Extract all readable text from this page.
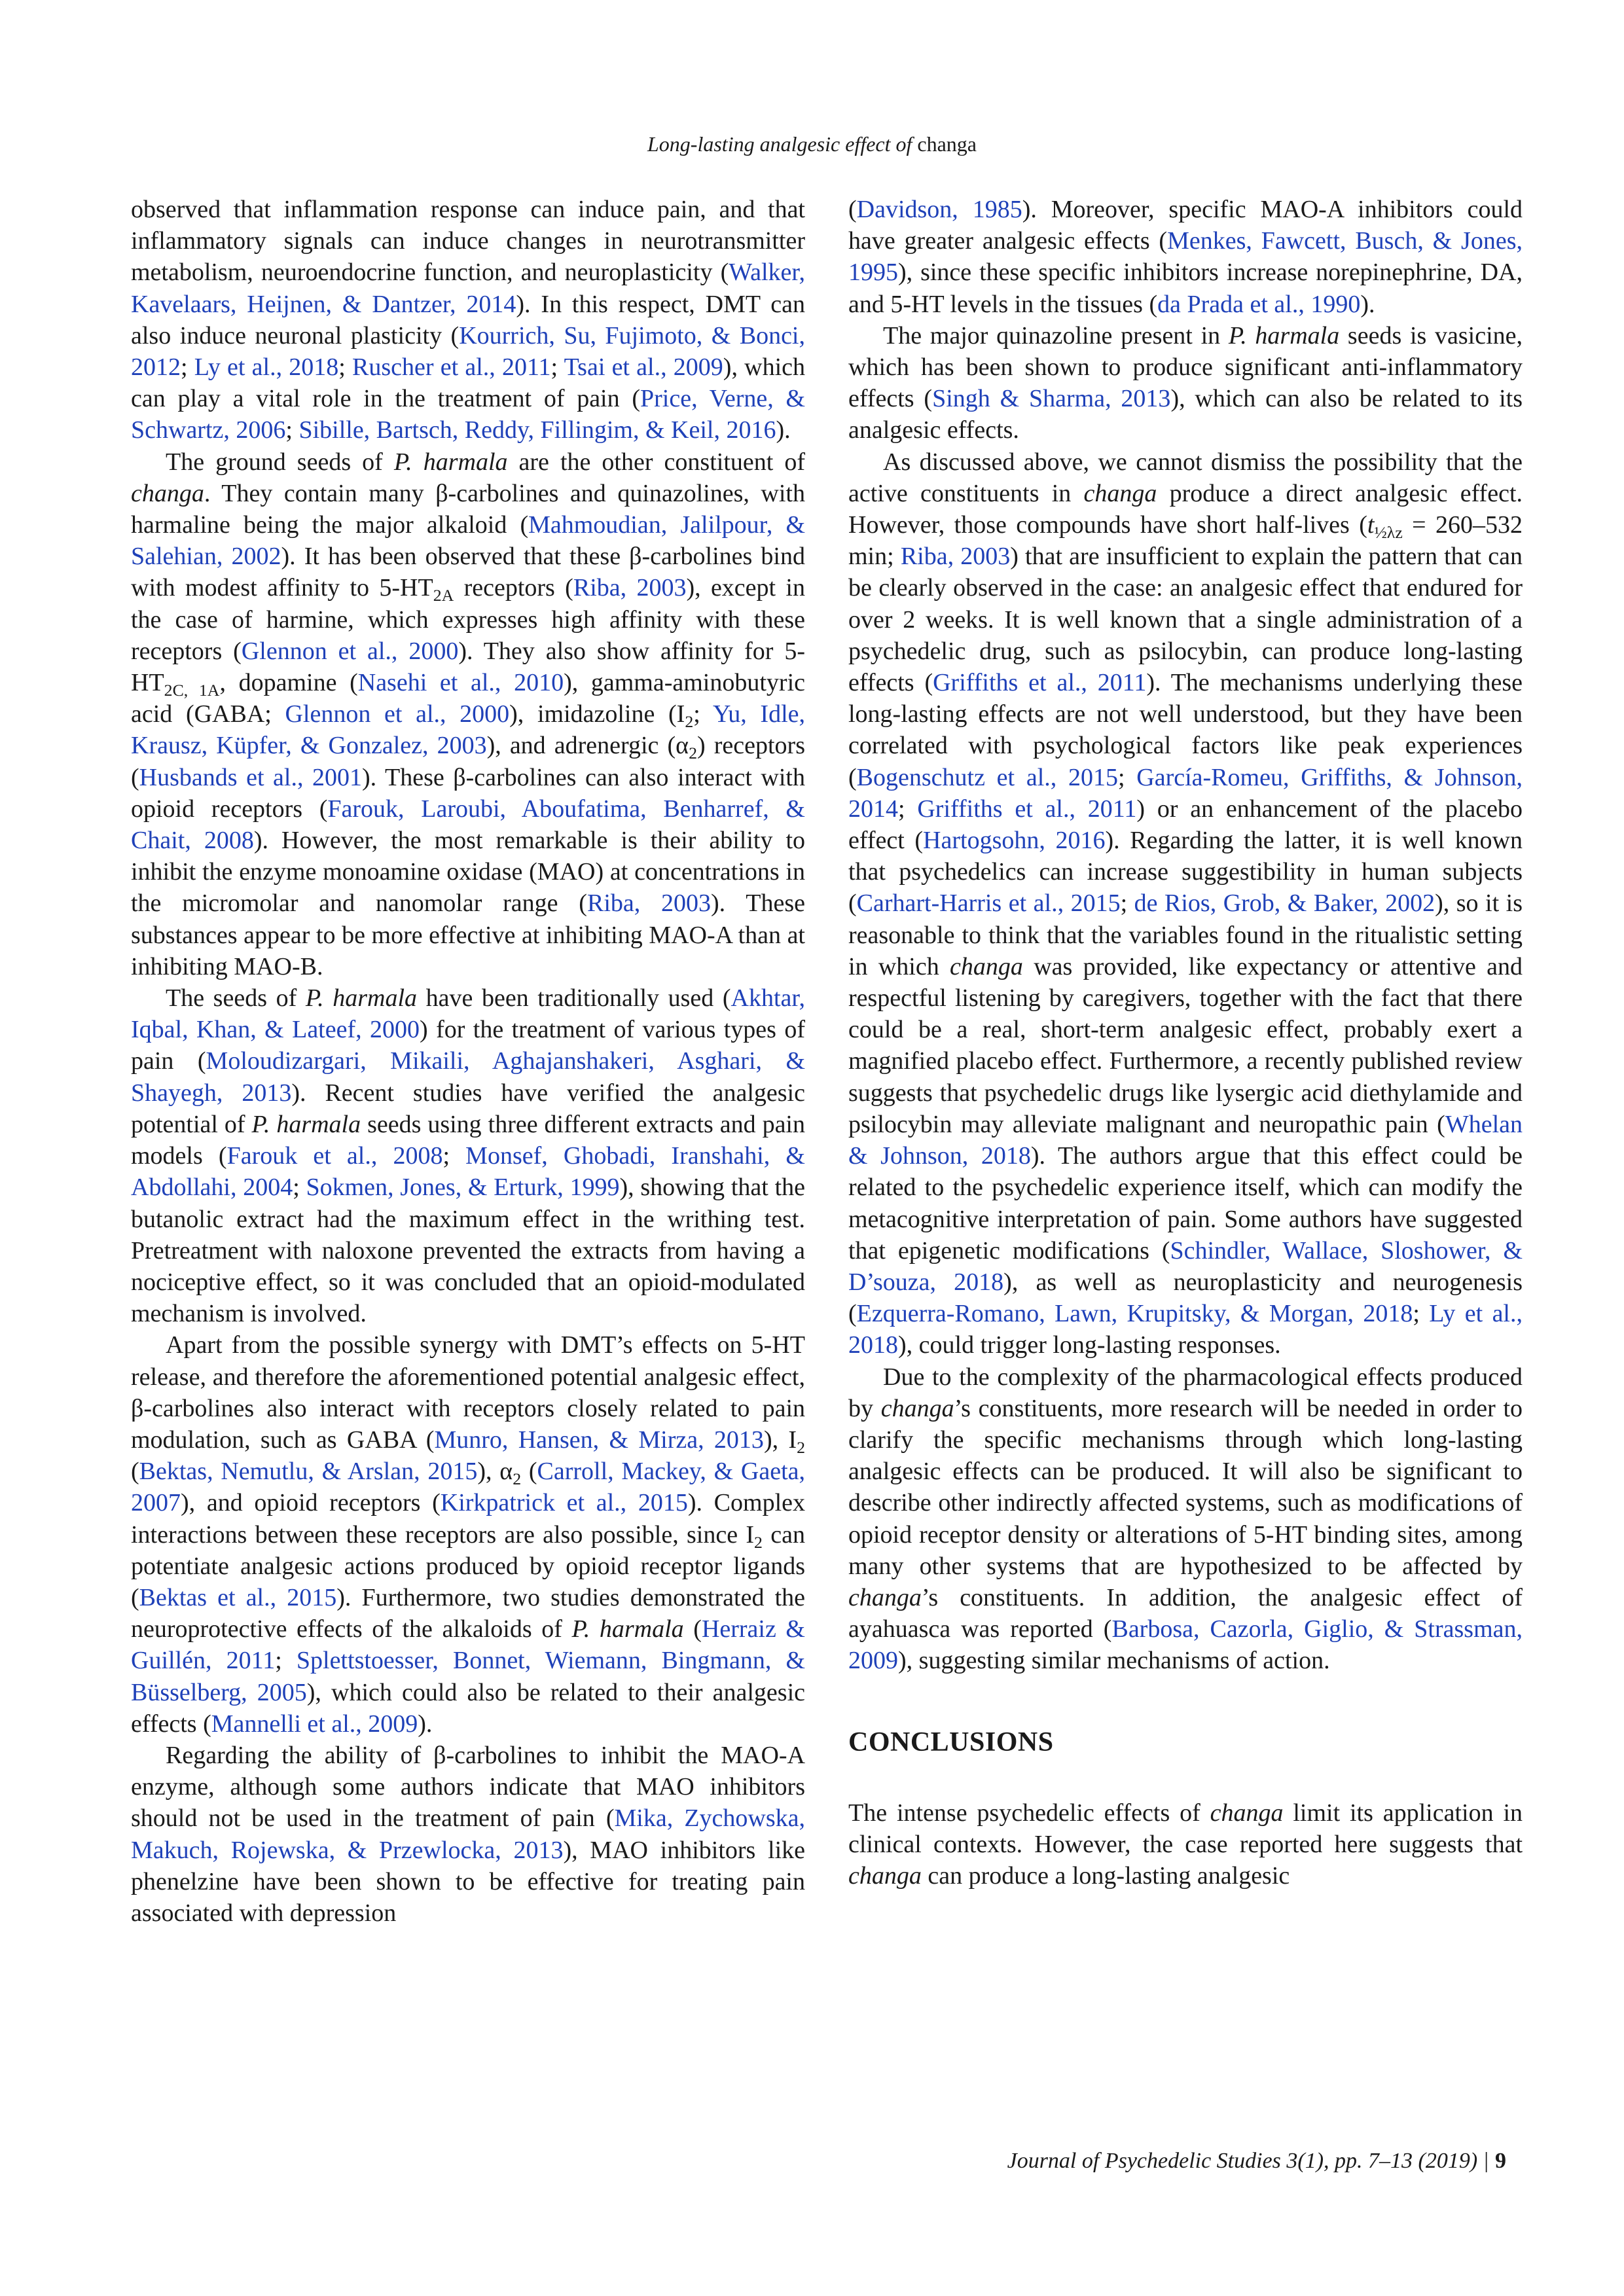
Long-lasting analgesic effect of changa

observed that inflammation response can induce pain, and that inflammatory signals can induce changes in neurotransmitter metabolism, neuroendocrine function, and neuroplasticity (Walker, Kavelaars, Heijnen, & Dantzer, 2014). In this respect, DMT can also induce neuronal plasticity (Kourrich, Su, Fujimoto, & Bonci, 2012; Ly et al., 2018; Ruscher et al., 2011; Tsai et al., 2009), which can play a vital role in the treatment of pain (Price, Verne, & Schwartz, 2006; Sibille, Bartsch, Reddy, Fillingim, & Keil, 2016).

The ground seeds of P. harmala are the other constituent of changa. They contain many β-carbolines and quinazolines, with harmaline being the major alkaloid (Mahmoudian, Jalilpour, & Salehian, 2002). It has been observed that these β-carbolines bind with modest affinity to $5-HT_{2A}$ receptors (Riba, 2003), except in the case of harmine, which expresses high affinity with these receptors (Glennon et al., 2000). They also show affinity for $5-HT_{2C, 1A}$, dopamine (Nasehi et al., 2010), gamma-aminobutyric acid (GABA; Glennon et al., 2000), imidazoline ($I_2$; Yu, Idle, Krausz, Küpfer, & Gonzalez, 2003), and adrenergic $(\alpha_2)$ receptors (Husbands et al., 2001). These β-carbolines can also interact with opioid receptors (Farouk, Laroubi, Aboufatima, Benharref, & Chait, 2008). However, the most remarkable is their ability to inhibit the enzyme monoamine oxidase (MAO) at concentrations in the micromolar and nanomolar range (Riba, 2003). These substances appear to be more effective at inhibiting MAO-A than at inhibiting MAO-B.

The seeds of P. harmala have been traditionally used (Akhtar, Iqbal, Khan, & Lateef, 2000) for the treatment of various types of pain (Moloudizargari, Mikaili, Aghajanshakeri, Asghari, & Shayegh, 2013). Recent studies have verified the analgesic potential of P. harmala seeds using three different extracts and pain models (Farouk et al., 2008; Monsef, Ghobadi, Iranshahi, & Abdollahi, 2004; Sokmen, Jones, & Erturk, 1999), showing that the butanolic extract had the maximum effect in the writhing test. Pretreatment with naloxone prevented the extracts from having a nociceptive effect, so it was concluded that an opioid-modulated mechanism is involved.

Apart from the possible synergy with DMT’s effects on 5-HT release, and therefore the aforementioned potential analgesic effect, β-carbolines also interact with receptors closely related to pain modulation, such as GABA (Munro, Hansen, & Mirza, 2013), $I_2$ (Bektas, Nemutlu, & Arslan, 2015), $\alpha_2$ (Carroll, Mackey, & Gaeta, 2007), and opioid receptors (Kirkpatrick et al., 2015). Complex interactions between these receptors are also possible, since $I_2$ can potentiate analgesic actions produced by opioid receptor ligands (Bektas et al., 2015). Furthermore, two studies demonstrated the neuroprotective effects of the alkaloids of P. harmala (Herraiz & Guillén, 2011; Splettstoesser, Bonnet, Wiemann, Bingmann, & Büsselberg, 2005), which could also be related to their analgesic effects (Mannelli et al., 2009).

Regarding the ability of β-carbolines to inhibit the MAO-A enzyme, although some authors indicate that MAO inhibitors should not be used in the treatment of pain (Mika, Zychowska, Makuch, Rojewska, & Przewlocka, 2013), MAO inhibitors like phenelzine have been shown to be effective for treating pain associated with depression

(Davidson, 1985). Moreover, specific MAO-A inhibitors could have greater analgesic effects (Menkes, Fawcett, Busch, & Jones, 1995), since these specific inhibitors increase norepinephrine, DA, and 5-HT levels in the tissues (da Prada et al., 1990).

The major quinazoline present in P. harmala seeds is vasicine, which has been shown to produce significant anti-inflammatory effects (Singh & Sharma, 2013), which can also be related to its analgesic effects.

As discussed above, we cannot dismiss the possibility that the active constituents in changa produce a direct analgesic effect. However, those compounds have short half-lives ($t_{\frac{1}{2}\lambda z} = 260-532$ min; Riba, 2003) that are insufficient to explain the pattern that can be clearly observed in the case: an analgesic effect that endured for over 2 weeks. It is well known that a single administration of a psychedelic drug, such as psilocybin, can produce long-lasting effects (Griffiths et al., 2011). The mechanisms underlying these long-lasting effects are not well understood, but they have been correlated with psychological factors like peak experiences (Bogenschutz et al., 2015; García-Romeu, Griffiths, & Johnson, 2014; Griffiths et al., 2011) or an enhancement of the placebo effect (Hartogsohn, 2016). Regarding the latter, it is well known that psychedelics can increase suggestibility in human subjects (Carhart-Harris et al., 2015; de Rios, Grob, & Baker, 2002), so it is reasonable to think that the variables found in the ritualistic setting in which changa was provided, like expectancy or attentive and respectful listening by caregivers, together with the fact that there could be a real, short-term analgesic effect, probably exert a magnified placebo effect. Furthermore, a recently published review suggests that psychedelic drugs like lysergic acid diethylamide and psilocybin may alleviate malignant and neuropathic pain (Whelan & Johnson, 2018). The authors argue that this effect could be related to the psychedelic experience itself, which can modify the metacognitive interpretation of pain. Some authors have suggested that epigenetic modifications (Schindler, Wallace, Sloshower, & D’souza, 2018), as well as neuroplasticity and neurogenesis (Ezquerra-Romano, Lawn, Krupitsky, & Morgan, 2018; Ly et al., 2018), could trigger long-lasting responses.

Due to the complexity of the pharmacological effects produced by changa’s constituents, more research will be needed in order to clarify the specific mechanisms through which long-lasting analgesic effects can be produced. It will also be significant to describe other indirectly affected systems, such as modifications of opioid receptor density or alterations of 5-HT binding sites, among many other systems that are hypothesized to be affected by changa’s constituents. In addition, the analgesic effect of ayahuasca was reported (Barbosa, Cazorla, Giglio, & Strassman, 2009), suggesting similar mechanisms of action.

CONCLUSIONS

The intense psychedelic effects of changa limit its application in clinical contexts. However, the case reported here suggests that changa can produce a long-lasting analgesic

Journal of Psychedelic Studies 3(1), pp. 7–13 (2019) | 9
